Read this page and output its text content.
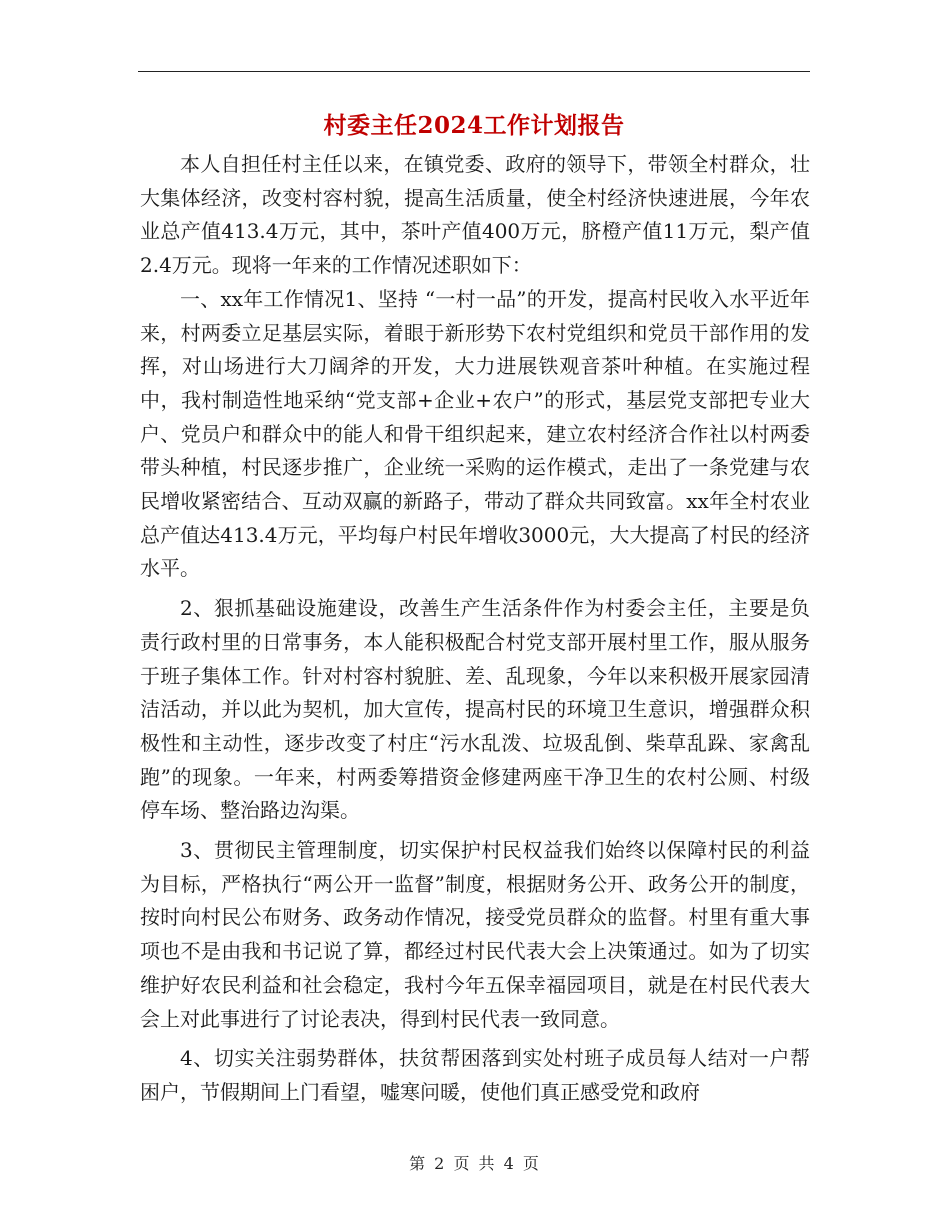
村委主任2024工作计划报告

本人自担任村主任以来，在镇党委、政府的领导下，带领全村群众，壮大集体经济，改变村容村貌，提高生活质量，使全村经济快速进展，今年农业总产值413.4万元，其中，茶叶产值400万元，脐橙产值11万元，梨产值2.4万元。现将一年来的工作情况述职如下：

一、xx年工作情况1、坚持 “一村一品”的开发，提高村民收入水平近年来，村两委立足基层实际，着眼于新形势下农村党组织和党员干部作用的发挥，对山场进行大刀阔斧的开发，大力进展铁观音茶叶种植。在实施过程中，我村制造性地采纳“党支部+企业+农户”的形式，基层党支部把专业大户、党员户和群众中的能人和骨干组织起来，建立农村经济合作社以村两委带头种植，村民逐步推广，企业统一采购的运作模式，走出了一条党建与农民增收紧密结合、互动双赢的新路子，带动了群众共同致富。xx年全村农业总产值达413.4万元，平均每户村民年增收3000元，大大提高了村民的经济水平。

2、狠抓基础设施建设，改善生产生活条件作为村委会主任，主要是负责行政村里的日常事务，本人能积极配合村党支部开展村里工作，服从服务于班子集体工作。针对村容村貌脏、差、乱现象，今年以来积极开展家园清洁活动，并以此为契机，加大宣传，提高村民的环境卫生意识，增强群众积极性和主动性，逐步改变了村庄“污水乱泼、垃圾乱倒、柴草乱跺、家禽乱跑”的现象。一年来，村两委筹措资金修建两座干净卫生的农村公厕、村级停车场、整治路边沟渠。

3、贯彻民主管理制度，切实保护村民权益我们始终以保障村民的利益为目标，严格执行“两公开一监督”制度，根据财务公开、政务公开的制度，按时向村民公布财务、政务动作情况，接受党员群众的监督。村里有重大事项也不是由我和书记说了算，都经过村民代表大会上决策通过。如为了切实维护好农民利益和社会稳定，我村今年五保幸福园项目，就是在村民代表大会上对此事进行了讨论表决，得到村民代表一致同意。

4、切实关注弱势群体，扶贫帮困落到实处村班子成员每人结对一户帮困户，节假期间上门看望，嘘寒问暖，使他们真正感受党和政府

第 2 页 共 4 页
